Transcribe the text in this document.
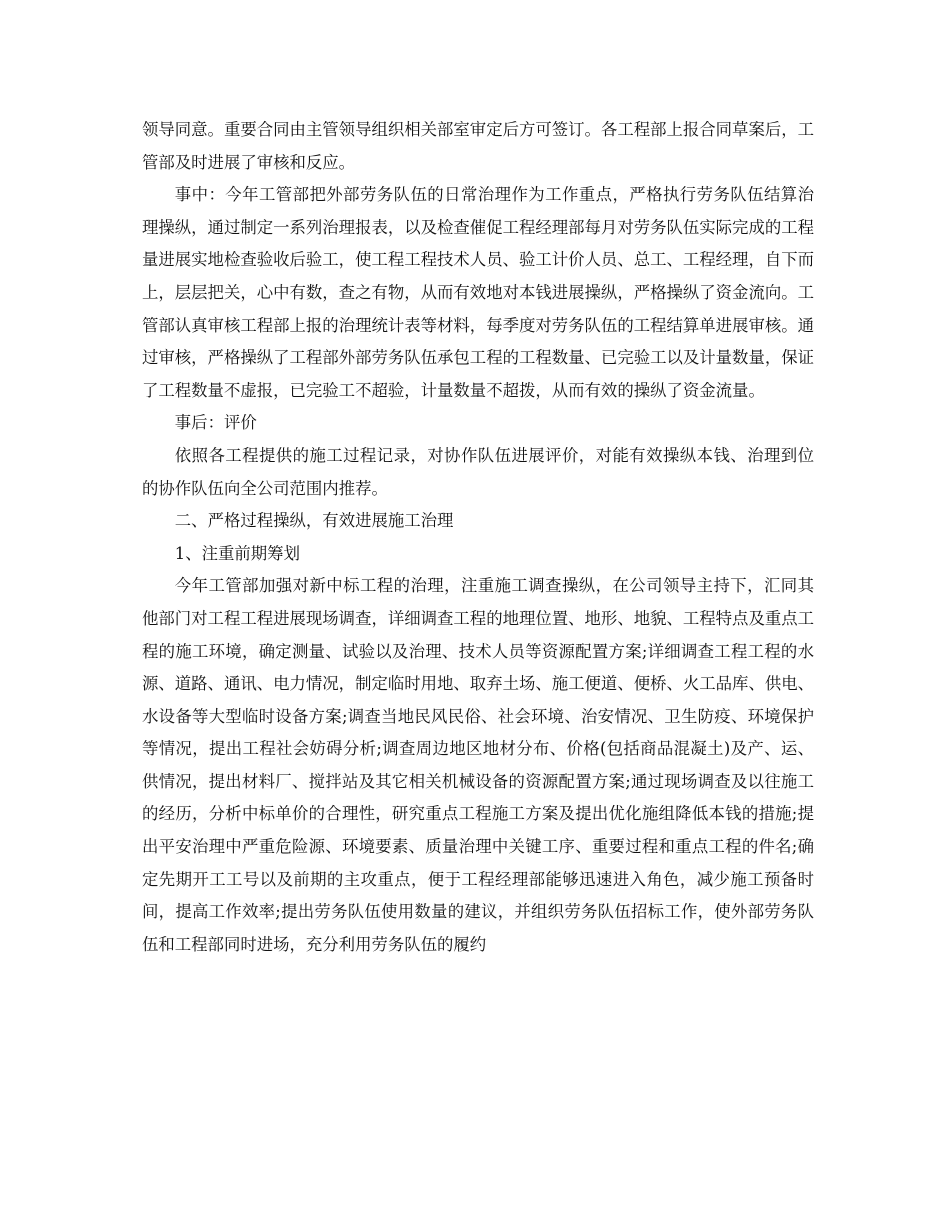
领导同意。重要合同由主管领导组织相关部室审定后方可签订。各工程部上报合同草案后，工管部及时进展了审核和反应。

事中：今年工管部把外部劳务队伍的日常治理作为工作重点，严格执行劳务队伍结算治理操纵，通过制定一系列治理报表，以及检查催促工程经理部每月对劳务队伍实际完成的工程量进展实地检查验收后验工，使工程工程技术人员、验工计价人员、总工、工程经理，自下而上，层层把关，心中有数，查之有物，从而有效地对本钱进展操纵，严格操纵了资金流向。工管部认真审核工程部上报的治理统计表等材料，每季度对劳务队伍的工程结算单进展审核。通过审核，严格操纵了工程部外部劳务队伍承包工程的工程数量、已完验工以及计量数量，保证了工程数量不虚报，已完验工不超验，计量数量不超拨，从而有效的操纵了资金流量。

事后：评价

依照各工程提供的施工过程记录，对协作队伍进展评价，对能有效操纵本钱、治理到位的协作队伍向全公司范围内推荐。

二、严格过程操纵，有效进展施工治理

1、注重前期筹划

今年工管部加强对新中标工程的治理，注重施工调查操纵，在公司领导主持下，汇同其他部门对工程工程进展现场调查，详细调查工程的地理位置、地形、地貌、工程特点及重点工程的施工环境，确定测量、试验以及治理、技术人员等资源配置方案;详细调查工程工程的水源、道路、通讯、电力情况，制定临时用地、取弃土场、施工便道、便桥、火工品库、供电、水设备等大型临时设备方案;调查当地民风民俗、社会环境、治安情况、卫生防疫、环境保护等情况，提出工程社会妨碍分析;调查周边地区地材分布、价格(包括商品混凝土)及产、运、供情况，提出材料厂、搅拌站及其它相关机械设备的资源配置方案;通过现场调查及以往施工的经历，分析中标单价的合理性，研究重点工程施工方案及提出优化施组降低本钱的措施;提出平安治理中严重危险源、环境要素、质量治理中关键工序、重要过程和重点工程的件名;确定先期开工工号以及前期的主攻重点，便于工程经理部能够迅速进入角色，减少施工预备时间，提高工作效率;提出劳务队伍使用数量的建议，并组织劳务队伍招标工作，使外部劳务队伍和工程部同时进场，充分利用劳务队伍的履约
